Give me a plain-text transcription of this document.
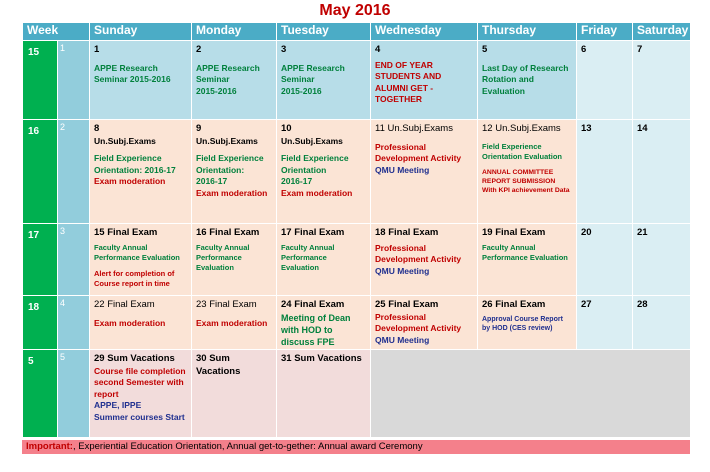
May 2016
Week		Sunday	Monday	Tuesday	Wednesday	Thursday	Friday	Saturday
15	1	1
APPE Research Seminar 2015-2016	2
APPE Research Seminar
2015-2016	3
APPE Research Seminar
2015-2016	4
END OF YEAR STUDENTS AND ALUMNI GET - TOGETHER	5
Last Day of Research Rotation and Evaluation	6	7

16	2	8
Un.Subj.Exams
Field Experience Orientation: 2016-17
Exam moderation	9
Un.Subj.Exams
Field Experience Orientation:
2016-17
Exam moderation	10
Un.Subj.Exams
Field Experience Orientation
2016-17
Exam moderation	11 Un.Subj.Exams
Professional Development Activity
QMU Meeting	12 Un.Subj.Exams
Field Experience Orientation Evaluation
ANNUAL COMMITTEE REPORT SUBMISSION
With KPI achievement Data	13	14

17	3	15 Final Exam
Faculty Annual Performance Evaluation
Alert for completion of Course report in time	16 Final Exam
Faculty Annual Performance Evaluation	17 Final Exam
Faculty Annual Performance Evaluation	18 Final Exam
Professional Development Activity
QMU Meeting	19 Final Exam
Faculty Annual Performance Evaluation	20	21

18	4	22 Final Exam
Exam moderation	23 Final Exam
Exam moderation	24 Final Exam
Meeting of Dean with HOD to discuss FPE	25 Final Exam
Professional Development Activity
QMU Meeting	26 Final Exam
Approval Course Report by HOD (CES review)	27	28

5	5	29 Sum Vacations
Course file completion second Semester with report
APPE, IPPE
Summer courses Start	30 Sum Vacations	31 Sum Vacations				

Important:, Experiential Education Orientation, Annual get-to-gether: Annual award Ceremony
